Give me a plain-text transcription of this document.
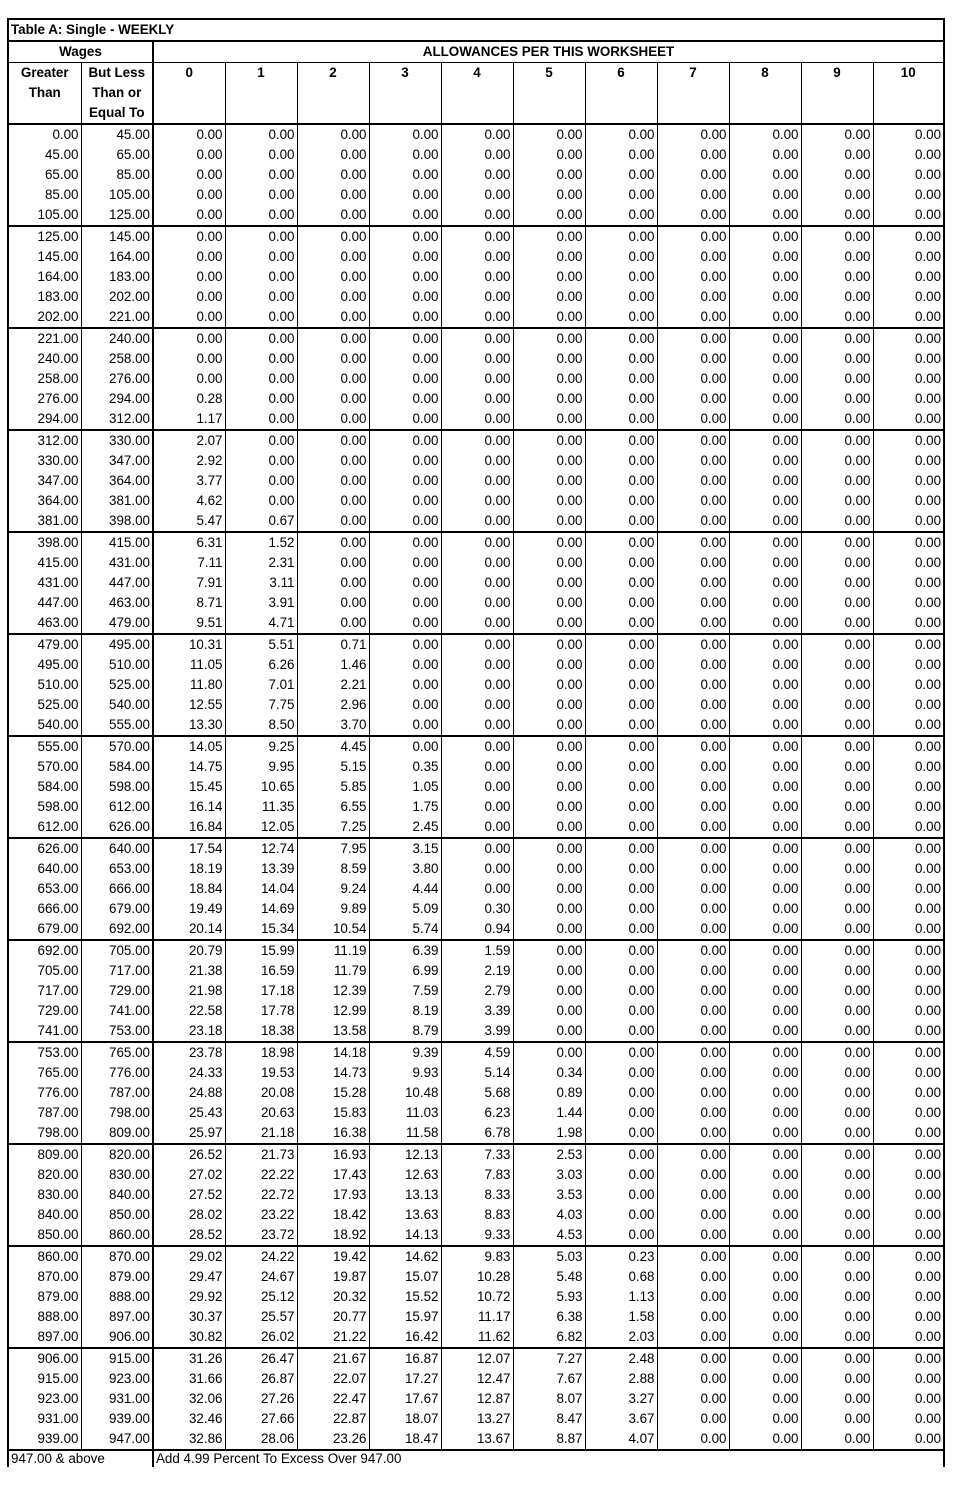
Table A: Single - WEEKLY												
Wages		ALLOWANCES PER THIS WORKSHEET										
Greater	But Less	0	1	2	3	4	5	6	7	8	9	10
Than	Than or											
	Equal To											
0.00	45.00	0.00	0.00	0.00	0.00	0.00	0.00	0.00	0.00	0.00	0.00	0.00
45.00	65.00	0.00	0.00	0.00	0.00	0.00	0.00	0.00	0.00	0.00	0.00	0.00
65.00	85.00	0.00	0.00	0.00	0.00	0.00	0.00	0.00	0.00	0.00	0.00	0.00
85.00	105.00	0.00	0.00	0.00	0.00	0.00	0.00	0.00	0.00	0.00	0.00	0.00
105.00	125.00	0.00	0.00	0.00	0.00	0.00	0.00	0.00	0.00	0.00	0.00	0.00
125.00	145.00	0.00	0.00	0.00	0.00	0.00	0.00	0.00	0.00	0.00	0.00	0.00
145.00	164.00	0.00	0.00	0.00	0.00	0.00	0.00	0.00	0.00	0.00	0.00	0.00
164.00	183.00	0.00	0.00	0.00	0.00	0.00	0.00	0.00	0.00	0.00	0.00	0.00
183.00	202.00	0.00	0.00	0.00	0.00	0.00	0.00	0.00	0.00	0.00	0.00	0.00
202.00	221.00	0.00	0.00	0.00	0.00	0.00	0.00	0.00	0.00	0.00	0.00	0.00
221.00	240.00	0.00	0.00	0.00	0.00	0.00	0.00	0.00	0.00	0.00	0.00	0.00
240.00	258.00	0.00	0.00	0.00	0.00	0.00	0.00	0.00	0.00	0.00	0.00	0.00
258.00	276.00	0.00	0.00	0.00	0.00	0.00	0.00	0.00	0.00	0.00	0.00	0.00
276.00	294.00	0.28	0.00	0.00	0.00	0.00	0.00	0.00	0.00	0.00	0.00	0.00
294.00	312.00	1.17	0.00	0.00	0.00	0.00	0.00	0.00	0.00	0.00	0.00	0.00
312.00	330.00	2.07	0.00	0.00	0.00	0.00	0.00	0.00	0.00	0.00	0.00	0.00
330.00	347.00	2.92	0.00	0.00	0.00	0.00	0.00	0.00	0.00	0.00	0.00	0.00
347.00	364.00	3.77	0.00	0.00	0.00	0.00	0.00	0.00	0.00	0.00	0.00	0.00
364.00	381.00	4.62	0.00	0.00	0.00	0.00	0.00	0.00	0.00	0.00	0.00	0.00
381.00	398.00	5.47	0.67	0.00	0.00	0.00	0.00	0.00	0.00	0.00	0.00	0.00
398.00	415.00	6.31	1.52	0.00	0.00	0.00	0.00	0.00	0.00	0.00	0.00	0.00
415.00	431.00	7.11	2.31	0.00	0.00	0.00	0.00	0.00	0.00	0.00	0.00	0.00
431.00	447.00	7.91	3.11	0.00	0.00	0.00	0.00	0.00	0.00	0.00	0.00	0.00
447.00	463.00	8.71	3.91	0.00	0.00	0.00	0.00	0.00	0.00	0.00	0.00	0.00
463.00	479.00	9.51	4.71	0.00	0.00	0.00	0.00	0.00	0.00	0.00	0.00	0.00
479.00	495.00	10.31	5.51	0.71	0.00	0.00	0.00	0.00	0.00	0.00	0.00	0.00
495.00	510.00	11.05	6.26	1.46	0.00	0.00	0.00	0.00	0.00	0.00	0.00	0.00
510.00	525.00	11.80	7.01	2.21	0.00	0.00	0.00	0.00	0.00	0.00	0.00	0.00
525.00	540.00	12.55	7.75	2.96	0.00	0.00	0.00	0.00	0.00	0.00	0.00	0.00
540.00	555.00	13.30	8.50	3.70	0.00	0.00	0.00	0.00	0.00	0.00	0.00	0.00
555.00	570.00	14.05	9.25	4.45	0.00	0.00	0.00	0.00	0.00	0.00	0.00	0.00
570.00	584.00	14.75	9.95	5.15	0.35	0.00	0.00	0.00	0.00	0.00	0.00	0.00
584.00	598.00	15.45	10.65	5.85	1.05	0.00	0.00	0.00	0.00	0.00	0.00	0.00
598.00	612.00	16.14	11.35	6.55	1.75	0.00	0.00	0.00	0.00	0.00	0.00	0.00
612.00	626.00	16.84	12.05	7.25	2.45	0.00	0.00	0.00	0.00	0.00	0.00	0.00
626.00	640.00	17.54	12.74	7.95	3.15	0.00	0.00	0.00	0.00	0.00	0.00	0.00
640.00	653.00	18.19	13.39	8.59	3.80	0.00	0.00	0.00	0.00	0.00	0.00	0.00
653.00	666.00	18.84	14.04	9.24	4.44	0.00	0.00	0.00	0.00	0.00	0.00	0.00
666.00	679.00	19.49	14.69	9.89	5.09	0.30	0.00	0.00	0.00	0.00	0.00	0.00
679.00	692.00	20.14	15.34	10.54	5.74	0.94	0.00	0.00	0.00	0.00	0.00	0.00
692.00	705.00	20.79	15.99	11.19	6.39	1.59	0.00	0.00	0.00	0.00	0.00	0.00
705.00	717.00	21.38	16.59	11.79	6.99	2.19	0.00	0.00	0.00	0.00	0.00	0.00
717.00	729.00	21.98	17.18	12.39	7.59	2.79	0.00	0.00	0.00	0.00	0.00	0.00
729.00	741.00	22.58	17.78	12.99	8.19	3.39	0.00	0.00	0.00	0.00	0.00	0.00
741.00	753.00	23.18	18.38	13.58	8.79	3.99	0.00	0.00	0.00	0.00	0.00	0.00
753.00	765.00	23.78	18.98	14.18	9.39	4.59	0.00	0.00	0.00	0.00	0.00	0.00
765.00	776.00	24.33	19.53	14.73	9.93	5.14	0.34	0.00	0.00	0.00	0.00	0.00
776.00	787.00	24.88	20.08	15.28	10.48	5.68	0.89	0.00	0.00	0.00	0.00	0.00
787.00	798.00	25.43	20.63	15.83	11.03	6.23	1.44	0.00	0.00	0.00	0.00	0.00
798.00	809.00	25.97	21.18	16.38	11.58	6.78	1.98	0.00	0.00	0.00	0.00	0.00
809.00	820.00	26.52	21.73	16.93	12.13	7.33	2.53	0.00	0.00	0.00	0.00	0.00
820.00	830.00	27.02	22.22	17.43	12.63	7.83	3.03	0.00	0.00	0.00	0.00	0.00
830.00	840.00	27.52	22.72	17.93	13.13	8.33	3.53	0.00	0.00	0.00	0.00	0.00
840.00	850.00	28.02	23.22	18.42	13.63	8.83	4.03	0.00	0.00	0.00	0.00	0.00
850.00	860.00	28.52	23.72	18.92	14.13	9.33	4.53	0.00	0.00	0.00	0.00	0.00
860.00	870.00	29.02	24.22	19.42	14.62	9.83	5.03	0.23	0.00	0.00	0.00	0.00
870.00	879.00	29.47	24.67	19.87	15.07	10.28	5.48	0.68	0.00	0.00	0.00	0.00
879.00	888.00	29.92	25.12	20.32	15.52	10.72	5.93	1.13	0.00	0.00	0.00	0.00
888.00	897.00	30.37	25.57	20.77	15.97	11.17	6.38	1.58	0.00	0.00	0.00	0.00
897.00	906.00	30.82	26.02	21.22	16.42	11.62	6.82	2.03	0.00	0.00	0.00	0.00
906.00	915.00	31.26	26.47	21.67	16.87	12.07	7.27	2.48	0.00	0.00	0.00	0.00
915.00	923.00	31.66	26.87	22.07	17.27	12.47	7.67	2.88	0.00	0.00	0.00	0.00
923.00	931.00	32.06	27.26	22.47	17.67	12.87	8.07	3.27	0.00	0.00	0.00	0.00
931.00	939.00	32.46	27.66	22.87	18.07	13.27	8.47	3.67	0.00	0.00	0.00	0.00
939.00	947.00	32.86	28.06	23.26	18.47	13.67	8.87	4.07	0.00	0.00	0.00	0.00
947.00 & above		Add 4.99 Percent To Excess Over 947.00										
